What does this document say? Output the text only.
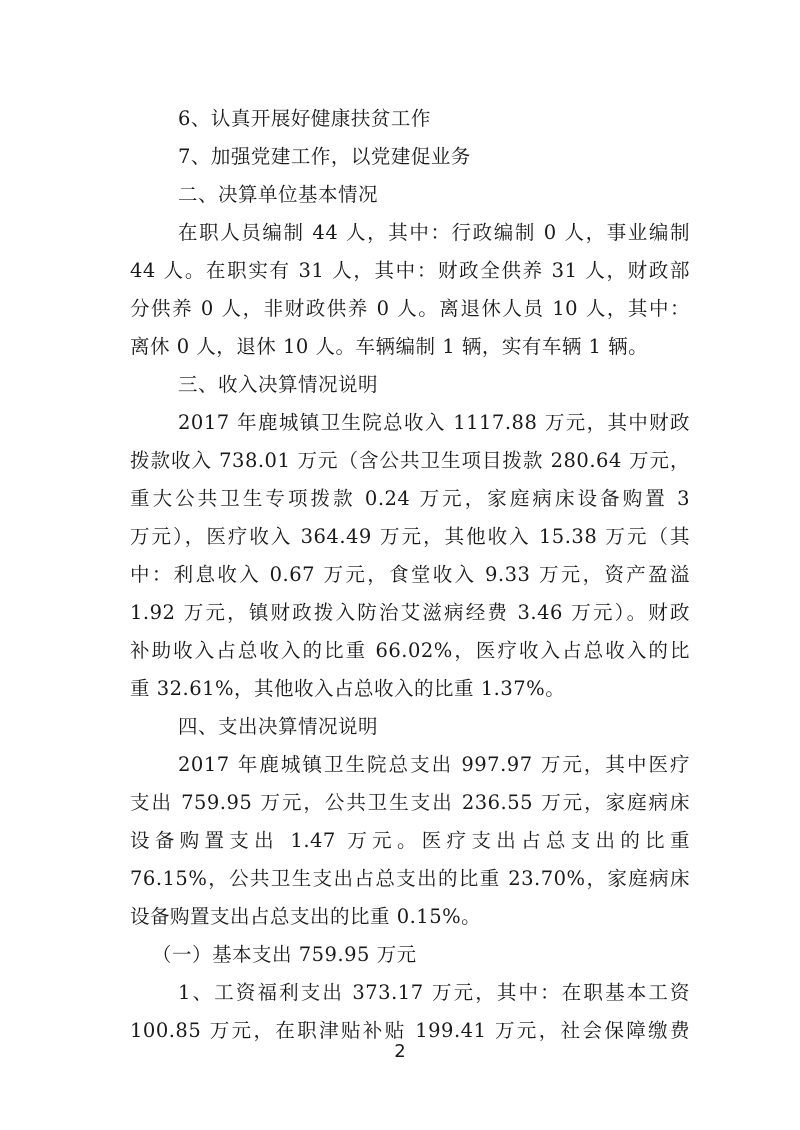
6、认真开展好健康扶贫工作

7、加强党建工作，以党建促业务

二、决算单位基本情况

在职人员编制 44 人，其中：行政编制 0 人，事业编制

44 人。在职实有 31 人，其中：财政全供养 31 人，财政部

分供养 0 人，非财政供养 0 人。离退休人员 10 人，其中：

离休 0 人，退休 10 人。车辆编制 1 辆，实有车辆 1 辆。

三、收入决算情况说明

2017 年鹿城镇卫生院总收入 1117.88 万元，其中财政

拨款收入 738.01 万元（含公共卫生项目拨款 280.64 万元，

重大公共卫生专项拨款 0.24 万元，家庭病床设备购置 3

万元），医疗收入 364.49 万元，其他收入 15.38 万元（其

中：利息收入 0.67 万元，食堂收入 9.33 万元，资产盈溢

1.92 万元，镇财政拨入防治艾滋病经费 3.46 万元）。财政

补助收入占总收入的比重 66.02%，医疗收入占总收入的比

重 32.61%，其他收入占总收入的比重 1.37%。

四、支出决算情况说明

2017 年鹿城镇卫生院总支出 997.97 万元，其中医疗

支出 759.95 万元，公共卫生支出 236.55 万元，家庭病床

设备购置支出 1.47 万元。医疗支出占总支出的比重

76.15%，公共卫生支出占总支出的比重 23.70%，家庭病床

设备购置支出占总支出的比重 0.15%。

（一）基本支出 759.95 万元

1、工资福利支出 373.17 万元，其中：在职基本工资

100.85 万元，在职津贴补贴 199.41 万元，社会保障缴费

2
